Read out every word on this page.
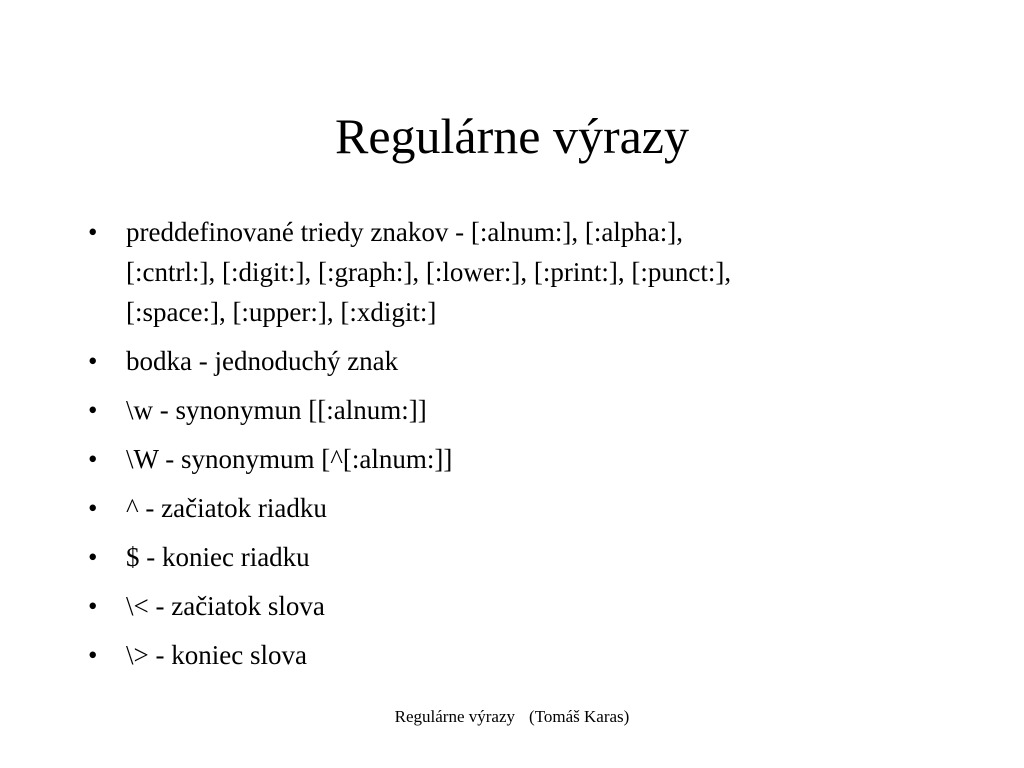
Regulárne výrazy
•	preddefinované triedy znakov - [:alnum:], [:alpha:],
[:cntrl:], [:digit:], [:graph:], [:lower:], [:print:], [:punct:],
[:space:], [:upper:], [:xdigit:]
•	bodka - jednoduchý znak
•	\w - synonymun [[:alnum:]]
•	\W - synonymum [^[:alnum:]]
•	^ - začiatok riadku
•	$ - koniec riadku
•	\< - začiatok slova
•	\> - koniec slova
Regulárne výrazy (Tomáš Karas)
